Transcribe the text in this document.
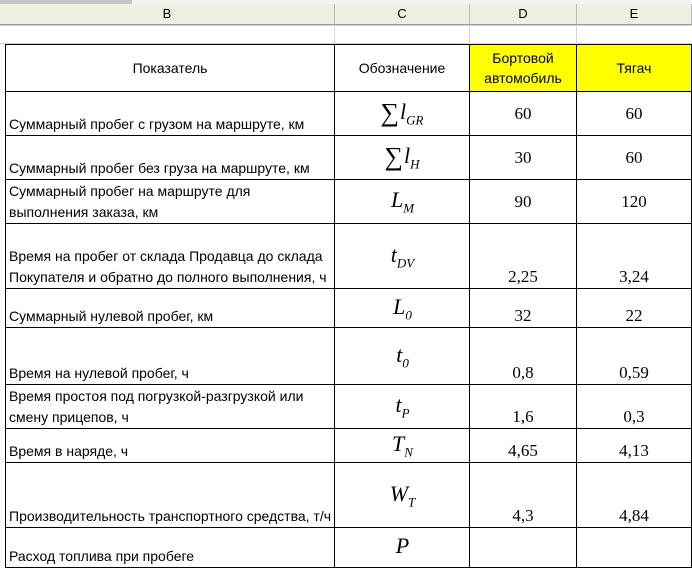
B	C	D	E
Показатель	Обозначение	Бортовой автомобиль	Тягач
Суммарный пробег с грузом на маршруте, км	$\sum l_{GR}$	60	60
Суммарный пробег без груза на маршруте, км	$\sum l_H$	30	60
Суммарный пробег на маршруте для выполнения заказа, км	$L_M$	90	120
Время на пробег от склада Продавца до склада Покупателя и обратно до полного выполнения, ч	$t_{DV}$	2,25	3,24
Суммарный нулевой пробег, км	$L_0$	32	22
Время на нулевой пробег, ч	$t_0$	0,8	0,59
Время простоя под погрузкой-разгрузкой или смену прицепов, ч	$t_P$	1,6	0,3
Время в наряде, ч	$T_N$	4,65	4,13
Производительность транспортного средства, т/ч	$W_T$	4,3	4,84
Расход топлива при пробеге	P		
